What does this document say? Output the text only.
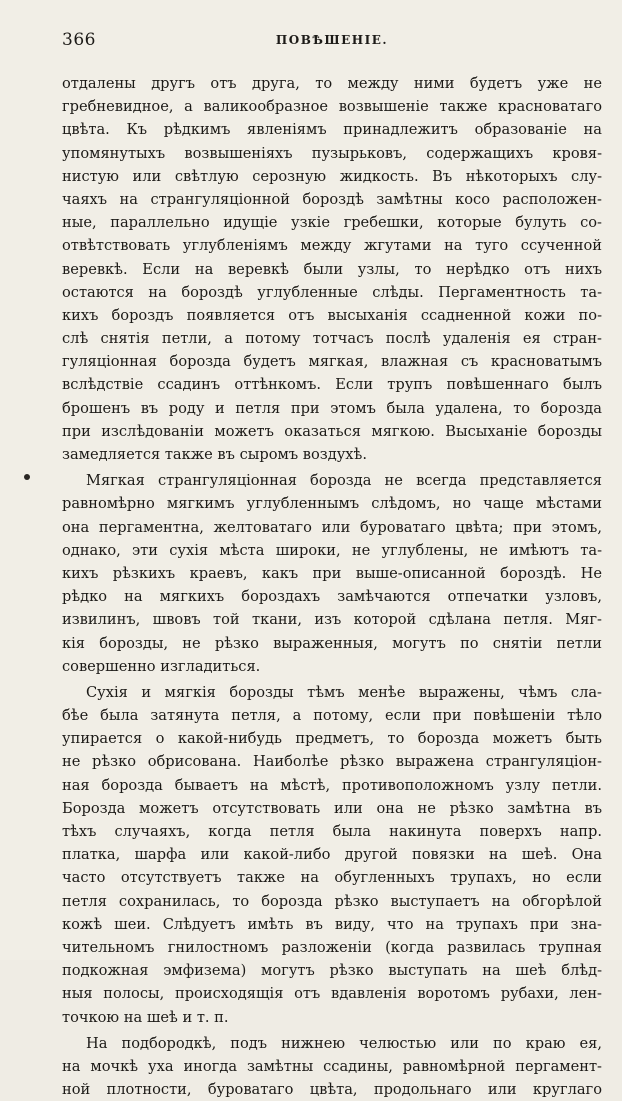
366	ПОВѢШЕНІЕ.
отдалены другъ отъ друга, то между ними будетъ уже не
гребневидное, а валикообразное возвышеніе также красноватаго
цвѣта. Къ рѣдкимъ явленіямъ принадлежитъ образованіе на
упомянутыхъ возвышеніяхъ пузырьковъ, содержащихъ кровя-
нистую или свѣтлую серозную жидкость. Въ нѣкоторыхъ слу-
чаяхъ на странгуляціонной бороздѣ замѣтны косо расположен-
ные, параллельно идущіе узкіе гребешки, которые булуть со-
отвѣтствовать углубленіямъ между жгутами на туго ссученной
веревкѣ. Если на веревкѣ были узлы, то нерѣдко отъ нихъ
остаются на бороздѣ углубленные слѣды. Пергаментность та-
кихъ бороздъ появляется отъ высыханія ссадненной кожи по-
слѣ снятія петли, а потому тотчасъ послѣ удаленія ея стран-
гуляціонная борозда будетъ мягкая, влажная съ красноватымъ
вслѣдствіе ссадинъ оттѣнкомъ. Если трупъ повѣшеннаго былъ
брошенъ въ роду и петля при этомъ была удалена, то борозда
при изслѣдованіи можетъ оказаться мягкою. Высыханіе борозды
замедляется также въ сыромъ воздухѣ.
Мягкая странгуляціонная борозда не всегда представляется
равномѣрно мягкимъ углубленнымъ слѣдомъ, но чаще мѣстами
она пергаментна, желтоватаго или буроватаго цвѣта; при этомъ,
однако, эти сухія мѣста широки, не углублены, не имѣютъ та-
кихъ рѣзкихъ краевъ, какъ при выше-описанной бороздѣ. Не
рѣдко на мягкихъ бороздахъ замѣчаются отпечатки узловъ,
извилинъ, швовъ той ткани, изъ которой сдѣлана петля. Мяг-
кія борозды, не рѣзко выраженныя, могутъ по снятіи петли
совершенно изгладиться.
Сухія и мягкія борозды тѣмъ менѣе выражены, чѣмъ сла-
бѣе была затянута петля, а потому, если при повѣшеніи тѣло
упирается о какой-нибудь предметъ, то борозда можетъ быть
не рѣзко обрисована. Наиболѣе рѣзко выражена странгуляціон-
ная борозда бываетъ на мѣстѣ, противоположномъ узлу петли.
Борозда можетъ отсутствовать или она не рѣзко замѣтна въ
тѣхъ случаяхъ, когда петля была накинута поверхъ напр.
платка, шарфа или какой-либо другой повязки на шеѣ. Она
часто отсутствуетъ также на обугленныхъ трупахъ, но если
петля сохранилась, то борозда рѣзко выступаетъ на обгорѣлой
кожѣ шеи. Слѣдуетъ имѣть въ виду, что на трупахъ при зна-
чительномъ гнилостномъ разложеніи (когда развилась трупная
подкожная эмфизема) могутъ рѣзко выступать на шеѣ блѣд-
ныя полосы, происходящія отъ вдавленія воротомъ рубахи, лен-
точкою на шеѣ и т. п.
На подбородкѣ, подъ нижнею челюстью или по краю ея,
на мочкѣ уха иногда замѣтны ссадины, равномѣрной пергамент-
ной плотности, буроватаго цвѣта, продольнаго или круглаго
